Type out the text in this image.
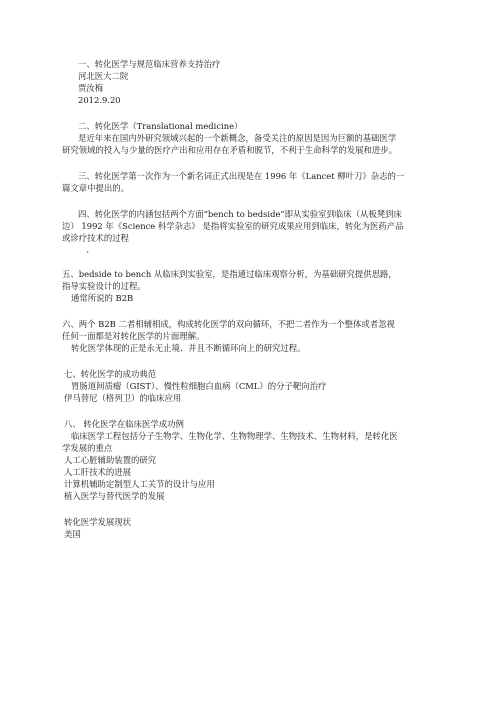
一、转化医学与规范临床营养支持治疗
河北医大二院
贾汝梅
2012.9.20
二、转化医学（Translational medicine）
是近年来在国内外研究领域兴起的一个新概念，备受关注的原因是因为巨额的基础医学
研究领域的投入与少量的医疗产出和应用存在矛盾和脱节，不利于生命科学的发展和进步。
三、转化医学第一次作为一个新名词正式出现是在 1996 年《Lancet 柳叶刀》杂志的一
篇文章中提出的。
四、转化医学的内涵包括两个方面“bench to bedside”即从实验室到临床（从板凳到床
边） 1992 年《Science 科学杂志》 是指将实验室的研究成果应用到临床，转化为医药产品
或诊疗技术的过程
、
五、bedside to bench 从临床到实验室，是指通过临床观察分析，为基础研究提供思路，
指导实验设计的过程。
通常所说的 B2B
六、两个 B2B 二者相辅相成，构成转化医学的双向循环，不把二者作为一个整体或者忽视
任何一面都是对转化医学的片面理解。
转化医学体现的正是永无止境、并且不断循环向上的研究过程。
七、转化医学的成功典范
胃肠道间质瘤（GIST）、慢性粒细胞白血病（CML）的分子靶向治疗
伊马替尼（格列卫）的临床应用
八、 转化医学在临床医学成功例
临床医学工程包括分子生物学、生物化学、生物物理学、生物技术、生物材料，是转化医
学发展的重点
人工心脏辅助装置的研究
人工肝技术的进展
计算机辅助定制型人工关节的设计与应用
植入医学与替代医学的发展
转化医学发展现状
美国
